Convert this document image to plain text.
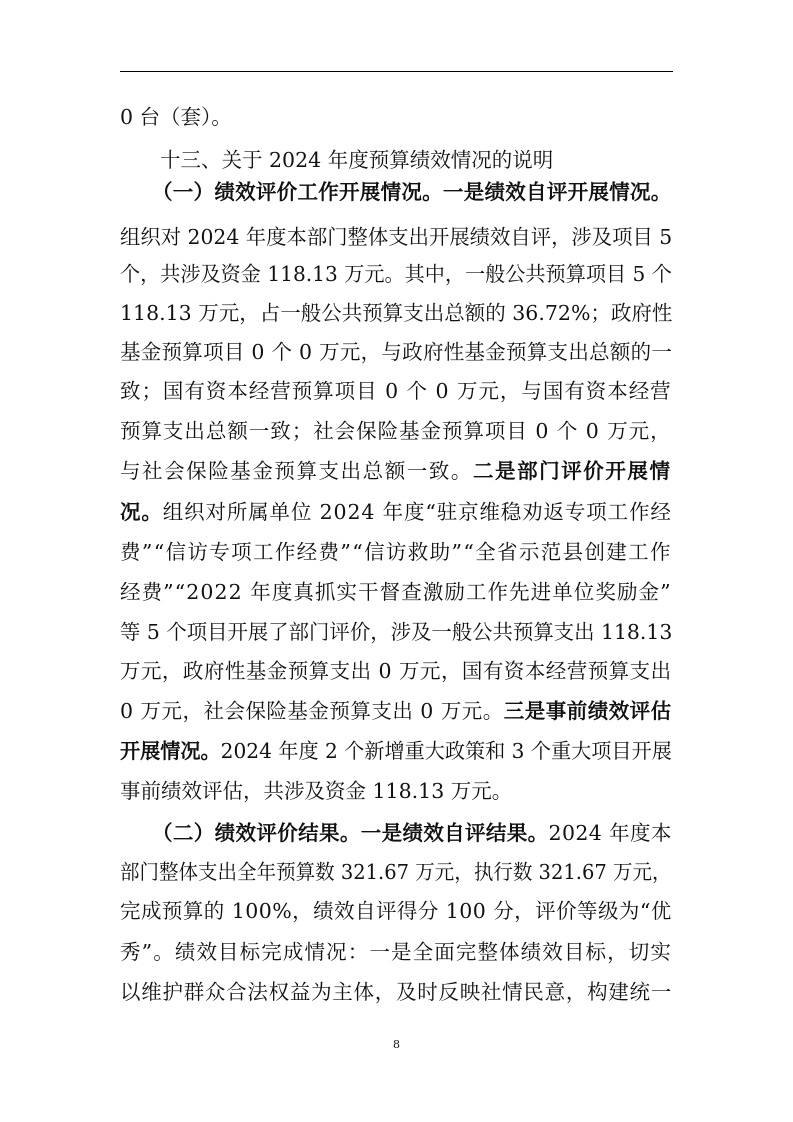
0 台（套）。
十三、关于 2024 年度预算绩效情况的说明
（一）绩效评价工作开展情况。一是绩效自评开展情况。
组织对 2024 年度本部门整体支出开展绩效自评，涉及项目 5
个，共涉及资金 118.13 万元。其中，一般公共预算项目 5 个
118.13 万元，占一般公共预算支出总额的 36.72%；政府性
基金预算项目 0 个 0 万元，与政府性基金预算支出总额的一
致；国有资本经营预算项目 0 个 0 万元，与国有资本经营
预算支出总额一致；社会保险基金预算项目 0 个 0 万元，
与社会保险基金预算支出总额一致。二是部门评价开展情
况。组织对所属单位 2024 年度“驻京维稳劝返专项工作经
费”“信访专项工作经费”“信访救助”“全省示范县创建工作
经费”“2022 年度真抓实干督查激励工作先进单位奖励金”
等 5 个项目开展了部门评价，涉及一般公共预算支出 118.13
万元，政府性基金预算支出 0 万元，国有资本经营预算支出
0 万元，社会保险基金预算支出 0 万元。三是事前绩效评估
开展情况。2024 年度 2 个新增重大政策和 3 个重大项目开展
事前绩效评估，共涉及资金 118.13 万元。
（二）绩效评价结果。一是绩效自评结果。2024 年度本
部门整体支出全年预算数 321.67 万元，执行数 321.67 万元，
完成预算的 100%，绩效自评得分 100 分，评价等级为“优
秀”。绩效目标完成情况：一是全面完整体绩效目标，切实
以维护群众合法权益为主体，及时反映社情民意，构建统一
8
